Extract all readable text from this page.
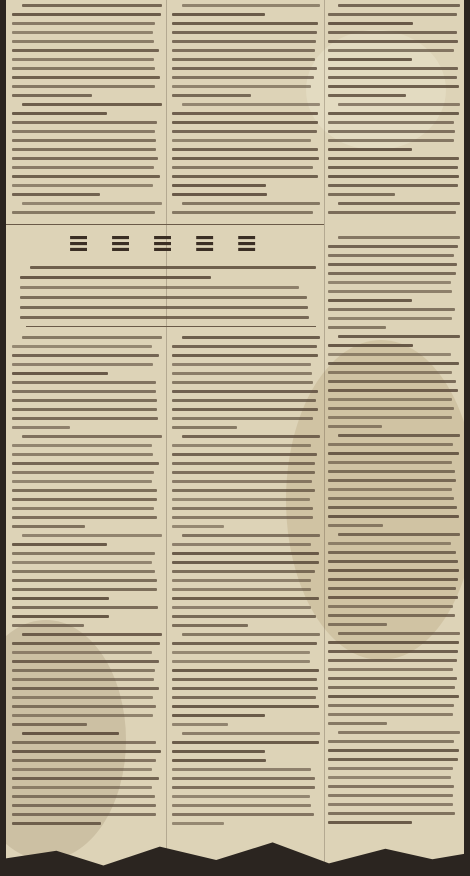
≡ ≡ ≡ ≡ ≡
